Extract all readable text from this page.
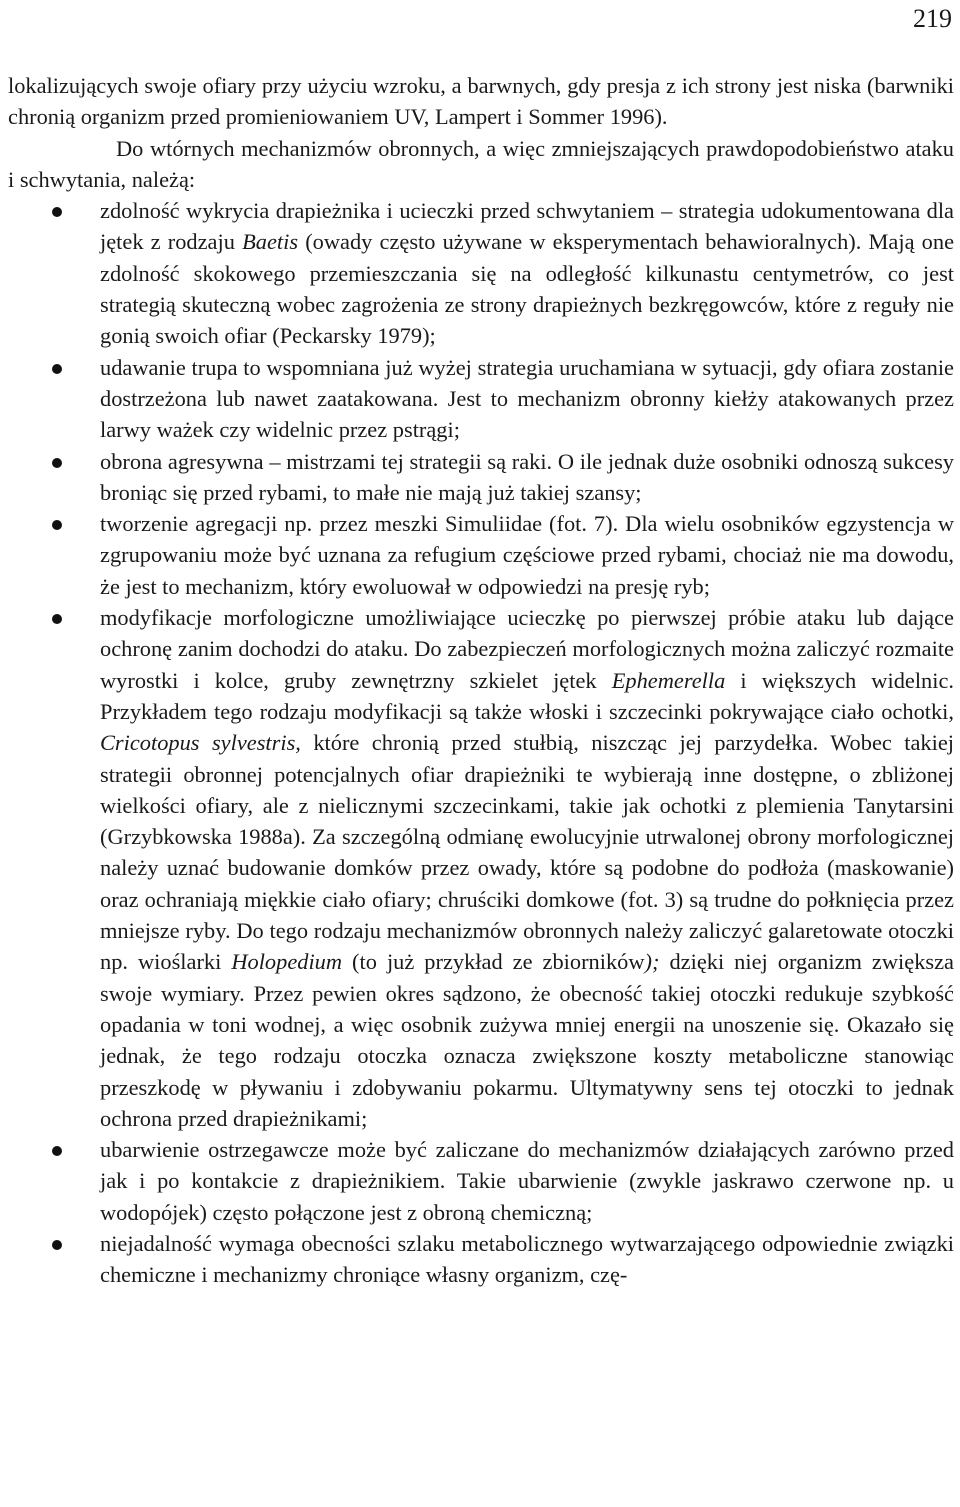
219

lokalizujących swoje ofiary przy użyciu wzroku, a barwnych, gdy presja z ich strony jest niska (barwniki chronią organizm przed promieniowaniem UV, Lampert i Sommer 1996).

Do wtórnych mechanizmów obronnych, a więc zmniejszających prawdopodobieństwo ataku i schwytania, należą:

zdolność wykrycia drapieżnika i ucieczki przed schwytaniem – strategia udokumentowana dla jętek z rodzaju Baetis (owady często używane w eksperymentach behawioralnych). Mają one zdolność skokowego przemieszczania się na odległość kilkunastu centymetrów, co jest strategią skuteczną wobec zagrożenia ze strony drapieżnych bezkręgowców, które z reguły nie gonią swoich ofiar (Peckarsky 1979);
udawanie trupa to wspomniana już wyżej strategia uruchamiana w sytuacji, gdy ofiara zostanie dostrzeżona lub nawet zaatakowana. Jest to mechanizm obronny kiełży atakowanych przez larwy ważek czy widelnic przez pstrągi;
obrona agresywna – mistrzami tej strategii są raki. O ile jednak duże osobniki odnoszą sukcesy broniąc się przed rybami, to małe nie mają już takiej szansy;
tworzenie agregacji np. przez meszki Simuliidae (fot. 7). Dla wielu osobników egzystencja w zgrupowaniu może być uznana za refugium częściowe przed rybami, chociaż nie ma dowodu, że jest to mechanizm, który ewoluował w odpowiedzi na presję ryb;
modyfikacje morfologiczne umożliwiające ucieczkę po pierwszej próbie ataku lub dające ochronę zanim dochodzi do ataku. Do zabezpieczeń morfologicznych można zaliczyć rozmaite wyrostki i kolce, gruby zewnętrzny szkielet jętek Ephemerella i większych widelnic. Przykładem tego rodzaju modyfikacji są także włoski i szczecinki pokrywające ciało ochotki, Cricotopus sylvestris, które chronią przed stułbią, niszcząc jej parzydełka. Wobec takiej strategii obronnej potencjalnych ofiar drapieżniki te wybierają inne dostępne, o zbliżonej wielkości ofiary, ale z nielicznymi szczecinkami, takie jak ochotki z plemienia Tanytarsini (Grzybkowska 1988a). Za szczególną odmianę ewolucyjnie utrwalonej obrony morfologicznej należy uznać budowanie domków przez owady, które są podobne do podłoża (maskowanie) oraz ochraniają miękkie ciało ofiary; chruściki domkowe (fot. 3) są trudne do połknięcia przez mniejsze ryby. Do tego rodzaju mechanizmów obronnych należy zaliczyć galaretowate otoczki np. wioślarki Holopedium (to już przykład ze zbiorników); dzięki niej organizm zwiększa swoje wymiary. Przez pewien okres sądzono, że obecność takiej otoczki redukuje szybkość opadania w toni wodnej, a więc osobnik zużywa mniej energii na unoszenie się. Okazało się jednak, że tego rodzaju otoczka oznacza zwiększone koszty metaboliczne stanowiąc przeszkodę w pływaniu i zdobywaniu pokarmu. Ultymatywny sens tej otoczki to jednak ochrona przed drapieżnikami;
ubarwienie ostrzegawcze może być zaliczane do mechanizmów działających zarówno przed jak i po kontakcie z drapieżnikiem. Takie ubarwienie (zwykle jaskrawo czerwone np. u wodopójek) często połączone jest z obroną chemiczną;
niejadalność wymaga obecności szlaku metabolicznego wytwarzającego odpowiednie związki chemiczne i mechanizmy chroniące własny organizm, czę-
